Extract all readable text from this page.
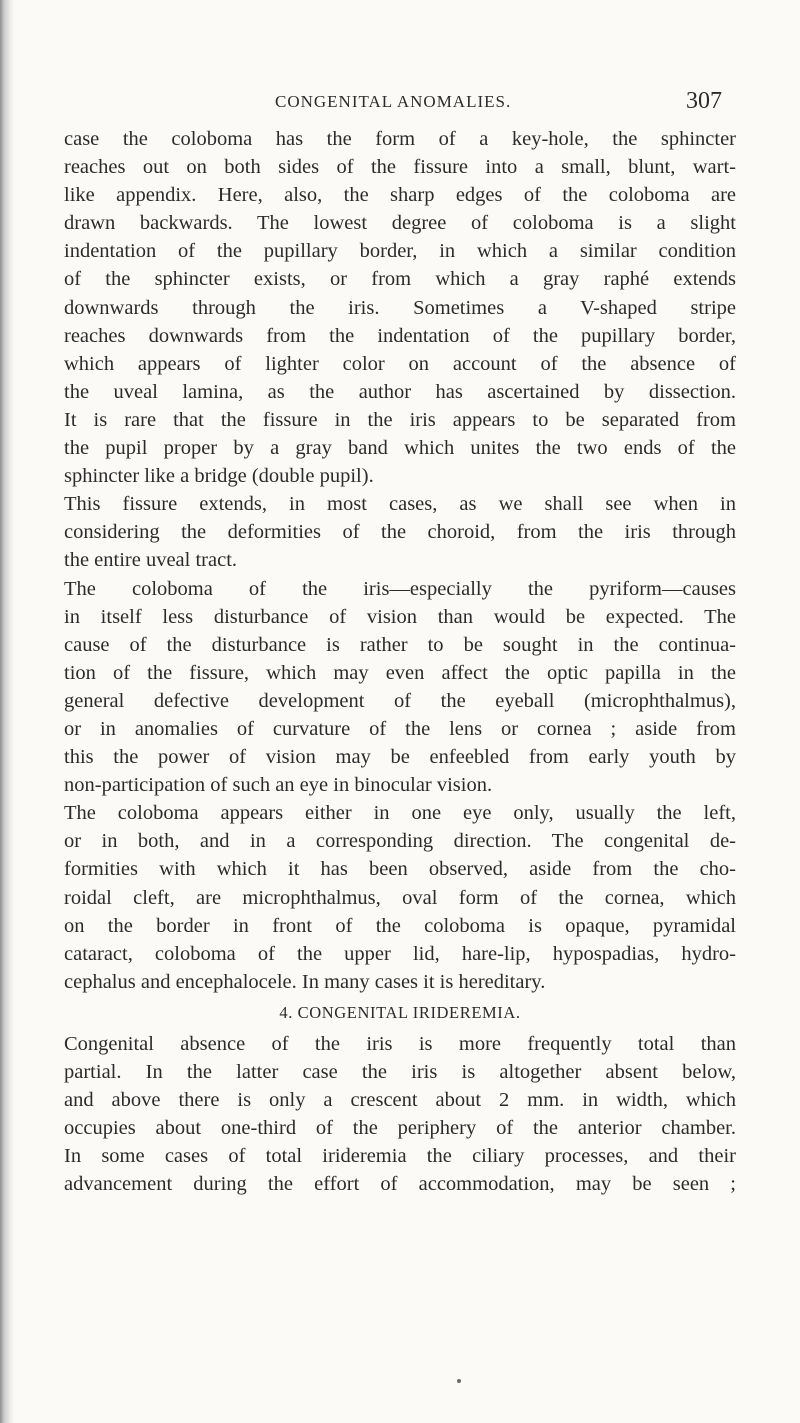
CONGENITAL ANOMALIES.	307
case the coloboma has the form of a key-hole, the sphincter
reaches out on both sides of the fissure into a small, blunt, wart-
like appendix. Here, also, the sharp edges of the coloboma are
drawn backwards. The lowest degree of coloboma is a slight
indentation of the pupillary border, in which a similar condition
of the sphincter exists, or from which a gray raphé extends
downwards through the iris. Sometimes a V-shaped stripe
reaches downwards from the indentation of the pupillary border,
which appears of lighter color on account of the absence of
the uveal lamina, as the author has ascertained by dissection.
It is rare that the fissure in the iris appears to be separated from
the pupil proper by a gray band which unites the two ends of the
sphincter like a bridge (double pupil).
This fissure extends, in most cases, as we shall see when in
considering the deformities of the choroid, from the iris through
the entire uveal tract.
The coloboma of the iris—especially the pyriform—causes
in itself less disturbance of vision than would be expected. The
cause of the disturbance is rather to be sought in the continua-
tion of the fissure, which may even affect the optic papilla in the
general defective development of the eyeball (microphthalmus),
or in anomalies of curvature of the lens or cornea ; aside from
this the power of vision may be enfeebled from early youth by
non-participation of such an eye in binocular vision.
The coloboma appears either in one eye only, usually the left,
or in both, and in a corresponding direction. The congenital de-
formities with which it has been observed, aside from the cho-
roidal cleft, are microphthalmus, oval form of the cornea, which
on the border in front of the coloboma is opaque, pyramidal
cataract, coloboma of the upper lid, hare-lip, hypospadias, hydro-
cephalus and encephalocele. In many cases it is hereditary.
4. CONGENITAL IRIDEREMIA.
Congenital absence of the iris is more frequently total than
partial. In the latter case the iris is altogether absent below,
and above there is only a crescent about 2 mm. in width, which
occupies about one-third of the periphery of the anterior chamber.
In some cases of total irideremia the ciliary processes, and their
advancement during the effort of accommodation, may be seen ;
